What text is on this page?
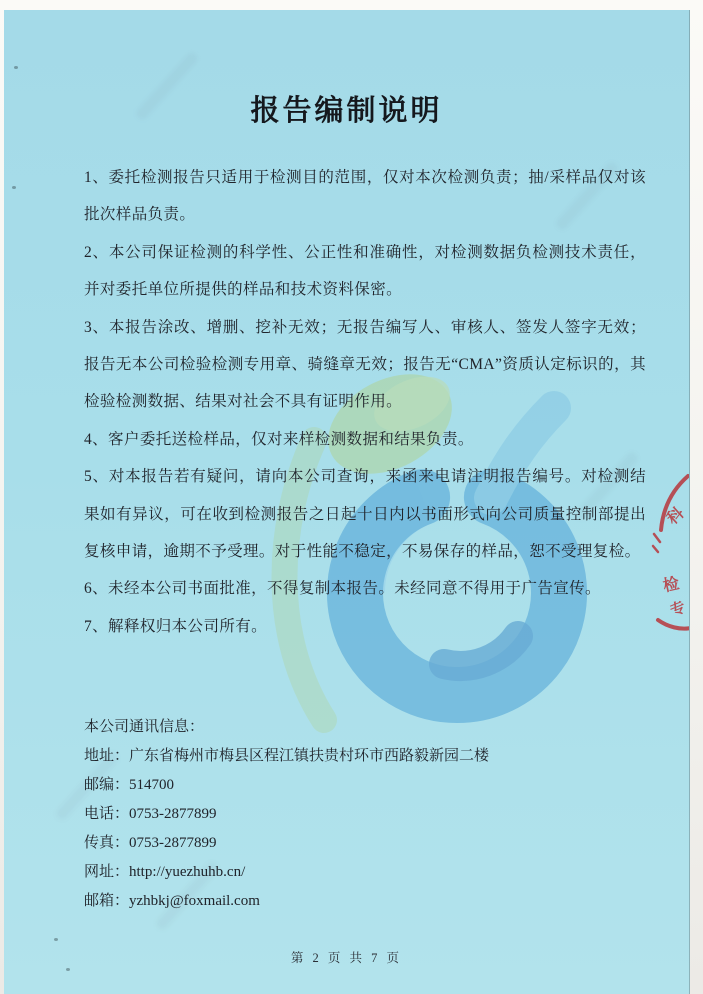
报告编制说明

1、委托检测报告只适用于检测目的范围，仅对本次检测负责；抽/采样品仅对该批次样品负责。

2、本公司保证检测的科学性、公正性和准确性，对检测数据负检测技术责任，并对委托单位所提供的样品和技术资料保密。

3、本报告涂改、增删、挖补无效；无报告编写人、审核人、签发人签字无效；报告无本公司检验检测专用章、骑缝章无效；报告无“CMA”资质认定标识的，其检验检测数据、结果对社会不具有证明作用。

4、客户委托送检样品，仅对来样检测数据和结果负责。

5、对本报告若有疑问，请向本公司查询，来函来电请注明报告编号。对检测结果如有异议，可在收到检测报告之日起十日内以书面形式向公司质量控制部提出复核申请，逾期不予受理。对于性能不稳定，不易保存的样品，恕不受理复检。

6、未经本公司书面批准，不得复制本报告。未经同意不得用于广告宣传。

7、解释权归本公司所有。

本公司通讯信息：
地址：广东省梅州市梅县区程江镇扶贵村环市西路毅新园二楼
邮编：514700
电话：0753-2877899
传真：0753-2877899
网址：http://yuezhuhb.cn/
邮箱：yzhbkj@foxmail.com
科
检
专
第 2 页 共 7 页
